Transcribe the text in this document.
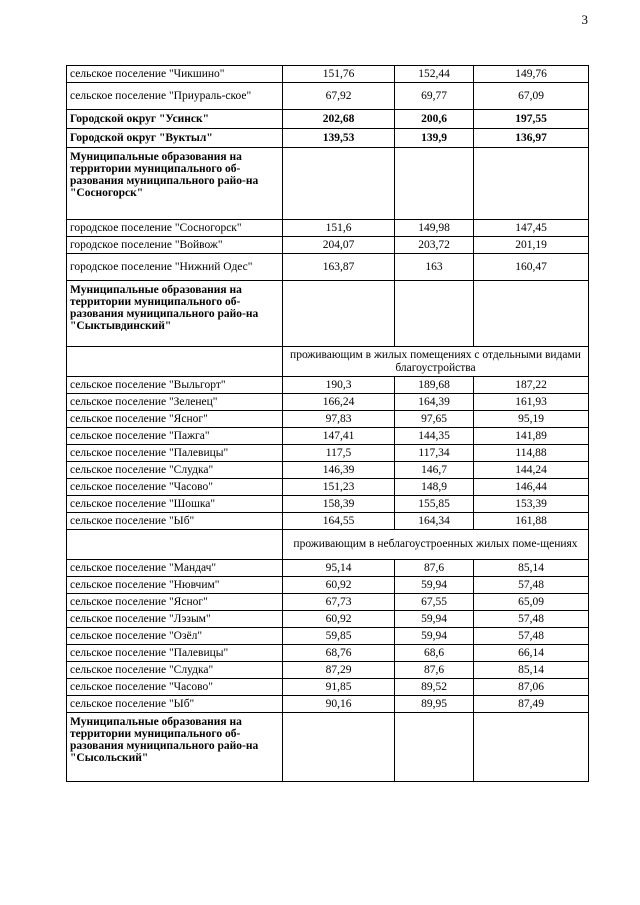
3
сельское поселение "Чикшино"	151,76	152,44	149,76
сельское поселение "Приураль-ское"	67,92	69,77	67,09
Городской округ "Усинск"	202,68	200,6	197,55
Городской округ "Вуктыл"	139,53	139,9	136,97
Муниципальные образования на территории муниципального об-разования муниципального райо-на "Сосногорск"			
городское поселение "Сосногорск"	151,6	149,98	147,45
городское поселение "Войвож"	204,07	203,72	201,19
городское поселение "Нижний Одес"	163,87	163	160,47
Муниципальные образования на территории муниципального об-разования муниципального райо-на "Сыктывдинский"			
	проживающим в жилых помещениях с отдельными видами благоустройства		
сельское поселение "Выльгорт"	190,3	189,68	187,22
сельское поселение "Зеленец"	166,24	164,39	161,93
сельское поселение "Ясног"	97,83	97,65	95,19
сельское поселение "Пажга"	147,41	144,35	141,89
сельское поселение "Палевицы"	117,5	117,34	114,88
сельское поселение "Слудка"	146,39	146,7	144,24
сельское поселение "Часово"	151,23	148,9	146,44
сельское поселение "Шошка"	158,39	155,85	153,39
сельское поселение "Ыб"	164,55	164,34	161,88
	проживающим в неблагоустроенных жилых поме-щениях		
сельское поселение "Мандач"	95,14	87,6	85,14
сельское поселение "Нювчим"	60,92	59,94	57,48
сельское поселение "Ясног"	67,73	67,55	65,09
сельское поселение "Лэзым"	60,92	59,94	57,48
сельское поселение "Озёл"	59,85	59,94	57,48
сельское поселение "Палевицы"	68,76	68,6	66,14
сельское поселение "Слудка"	87,29	87,6	85,14
сельское поселение "Часово"	91,85	89,52	87,06
сельское поселение "Ыб"	90,16	89,95	87,49
Муниципальные образования на территории муниципального об-разования муниципального райо-на "Сысольский"			
